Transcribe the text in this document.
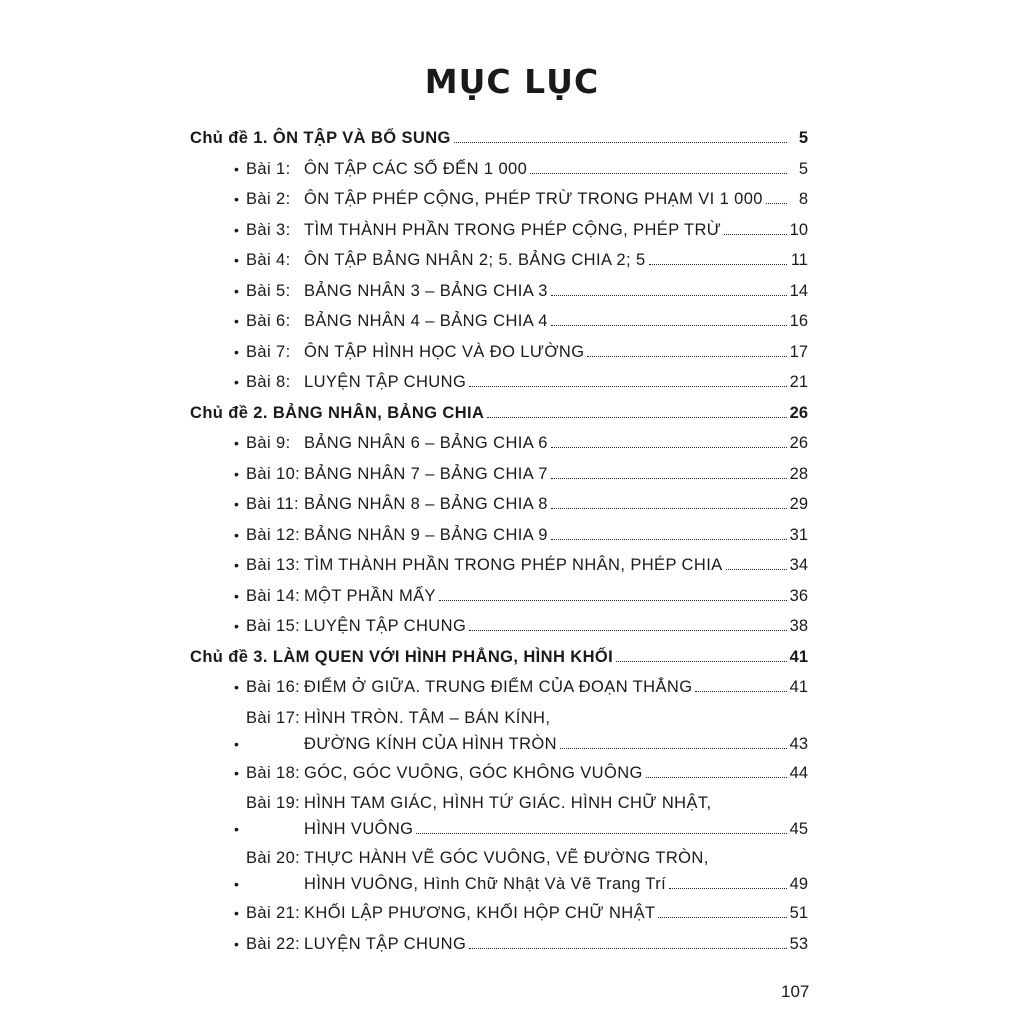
MỤC LỤC
Chủ đề 1. ÔN TẬP VÀ BỔ SUNG	5
• Bài 1: ÔN TẬP CÁC SỐ ĐẾN 1 000	5
• Bài 2: ÔN TẬP PHÉP CỘNG, PHÉP TRỪ TRONG PHẠM VI 1 000	8
• Bài 3: TÌM THÀNH PHẦN TRONG PHÉP CỘNG, PHÉP TRỪ	10
• Bài 4: ÔN TẬP BẢNG NHÂN 2; 5. BẢNG CHIA 2; 5	11
• Bài 5: BẢNG NHÂN 3 – BẢNG CHIA 3	14
• Bài 6: BẢNG NHÂN 4 – BẢNG CHIA 4	16
• Bài 7: ÔN TẬP HÌNH HỌC VÀ ĐO LƯỜNG	17
• Bài 8: LUYỆN TẬP CHUNG	21
Chủ đề 2. BẢNG NHÂN, BẢNG CHIA	26
• Bài 9: BẢNG NHÂN 6 – BẢNG CHIA 6	26
• Bài 10: BẢNG NHÂN 7 – BẢNG CHIA 7	28
• Bài 11: BẢNG NHÂN 8 – BẢNG CHIA 8	29
• Bài 12: BẢNG NHÂN 9 – BẢNG CHIA 9	31
• Bài 13: TÌM THÀNH PHẦN TRONG PHÉP NHÂN, PHÉP CHIA	34
• Bài 14: MỘT PHẦN MẤY	36
• Bài 15: LUYỆN TẬP CHUNG	38
Chủ đề 3. LÀM QUEN VỚI HÌNH PHẲNG, HÌNH KHỐI	41
• Bài 16: ĐIỂM Ở GIỮA. TRUNG ĐIỂM CỦA ĐOẠN THẲNG	41
•
Bài 17: HÌNH TRÒN. TÂM – BÁN KÍNH,
ĐƯỜNG KÍNH CỦA HÌNH TRÒN	43
• Bài 18: GÓC, GÓC VUÔNG, GÓC KHÔNG VUÔNG	44
•
Bài 19: HÌNH TAM GIÁC, HÌNH TỨ GIÁC. HÌNH CHỮ NHẬT,
HÌNH VUÔNG	45
•
Bài 20: THỰC HÀNH VẼ GÓC VUÔNG, VẼ ĐƯỜNG TRÒN,
HÌNH VUÔNG, Hình Chữ Nhật Và Vẽ Trang Trí	49
• Bài 21: KHỐI LẬP PHƯƠNG, KHỐI HỘP CHỮ NHẬT	51
• Bài 22: LUYỆN TẬP CHUNG	53
107
